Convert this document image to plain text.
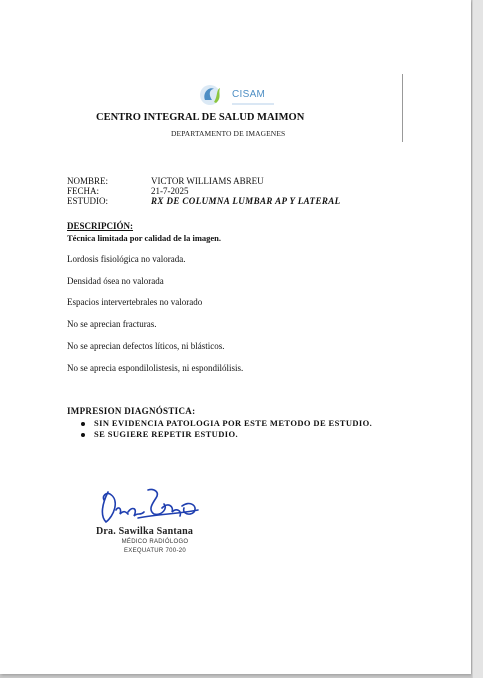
CISAM
CENTRO INTEGRAL DE SALUD MAIMON
DEPARTAMENTO DE IMAGENES
NOMBRE:	VICTOR WILLIAMS ABREU
FECHA:	21-7-2025
ESTUDIO:	RX DE COLUMNA LUMBAR AP Y LATERAL
DESCRIPCIÓN:
Técnica limitada por calidad de la imagen.
Lordosis fisiológica no valorada.
Densidad ósea no valorada
Espacios intervertebrales no valorado
No se aprecian fracturas.
No se aprecian defectos líticos, ni blásticos.
No se aprecia espondilolistesis, ni espondilólisis.
IMPRESION DIAGNÓSTICA:
SIN EVIDENCIA PATOLOGIA POR ESTE METODO DE ESTUDIO.
SE SUGIERE REPETIR ESTUDIO.
Dra. Sawilka Santana
MÉDICO RADIÓLOGO
EXEQUATUR 700-20
